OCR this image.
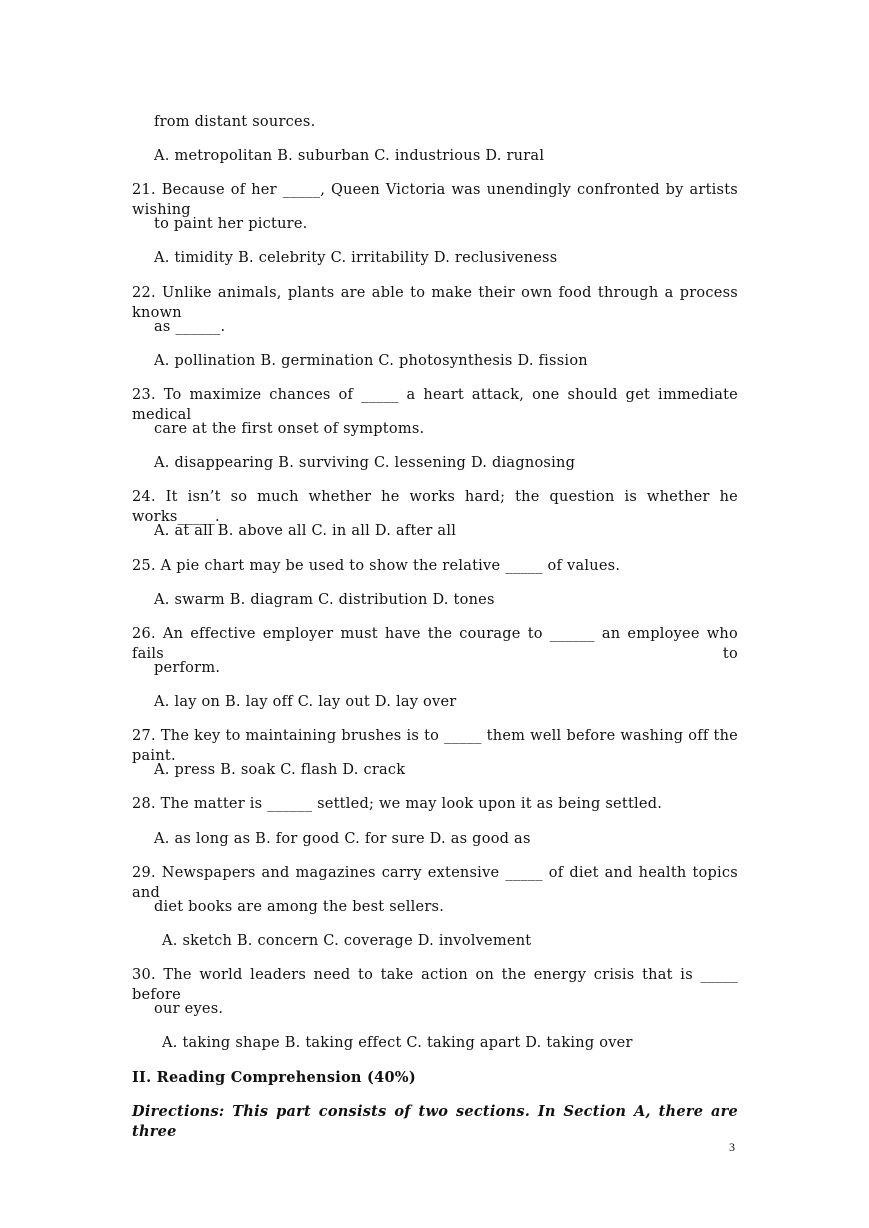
from distant sources.
A. metropolitan B. suburban C. industrious D. rural
21. Because of her _____, Queen Victoria was unendingly confronted by artists wishing
to paint her picture.
A. timidity B. celebrity C. irritability D. reclusiveness
22. Unlike animals, plants are able to make their own food through a process known
as ______.
A. pollination B. germination C. photosynthesis D. fission
23. To maximize chances of _____ a heart attack, one should get immediate medical
care at the first onset of symptoms.
A. disappearing B. surviving C. lessening D. diagnosing
24. It isn’t so much whether he works hard; the question is whether he works_____.
A. at all B. above all C. in all D. after all
25. A pie chart may be used to show the relative _____ of values.
A. swarm B. diagram C. distribution D. tones
26. An effective employer must have the courage to ______ an employee who fails to
perform.
A. lay on B. lay off C. lay out D. lay over
27. The key to maintaining brushes is to _____ them well before washing off the paint.
A. press B. soak C. flash D. crack
28. The matter is ______ settled; we may look upon it as being settled.
A. as long as B. for good C. for sure D. as good as
29. Newspapers and magazines carry extensive _____ of diet and health topics and
diet books are among the best sellers.
A. sketch B. concern C. coverage D. involvement
30. The world leaders need to take action on the energy crisis that is _____ before
our eyes.
A. taking shape B. taking effect C. taking apart D. taking over
II. Reading Comprehension (40%)
Directions: This part consists of two sections. In Section A, there are three
3
